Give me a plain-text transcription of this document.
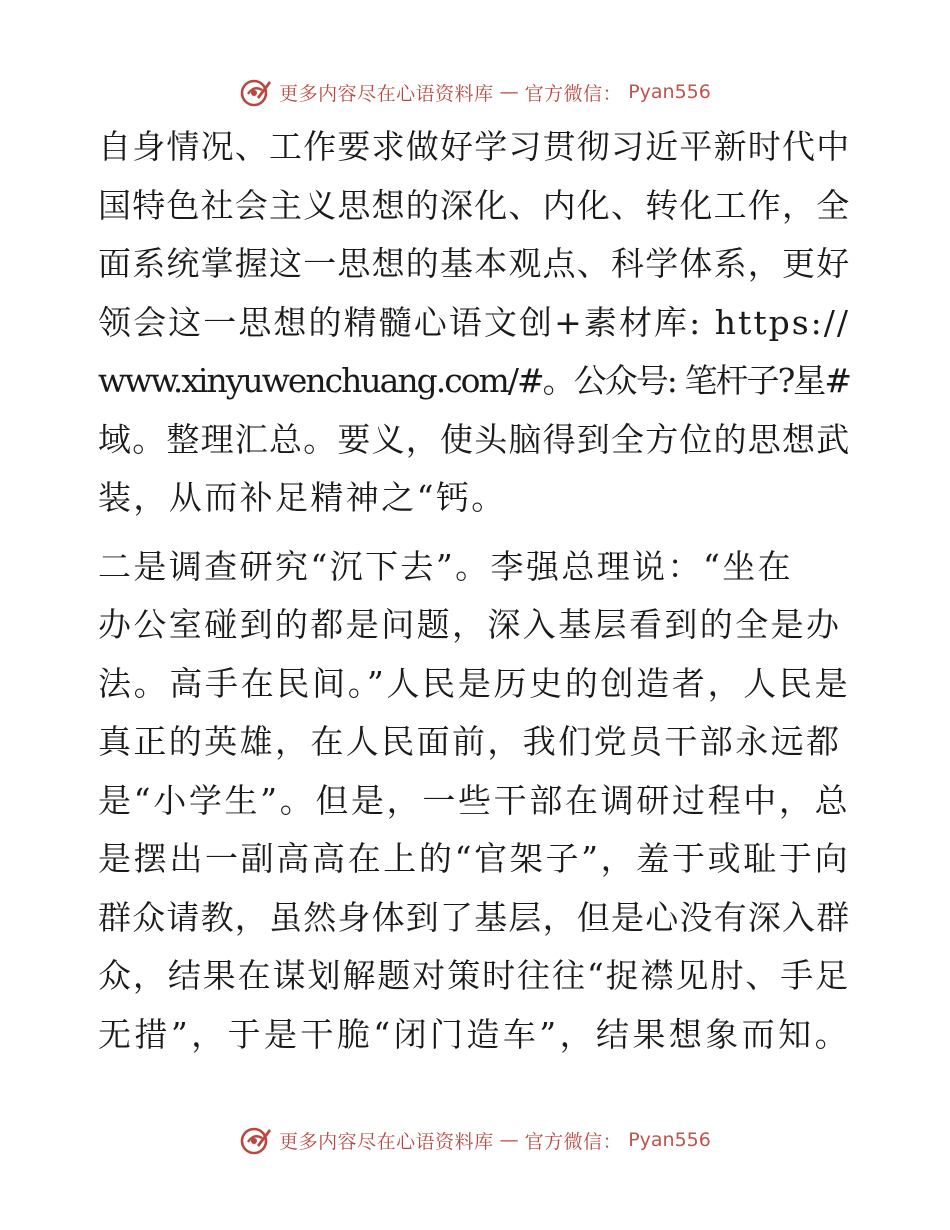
更多内容尽在心语资料库 — 官方微信： Pyan556
自身情况、工作要求做好学习贯彻习近平新时代中
国特色社会主义思想的深化、内化、转化工作，全
面系统掌握这一思想的基本观点、科学体系，更好
领会这一思想的精髓心语文创+素材库: https://
www.xinyuwenchuang.com/#。公众号: 笔杆子?星#
域。整理汇总。要义，使头脑得到全方位的思想武
装，从而补足精神之“钙。
二是调查研究“沉下去”。李强总理说：“坐在
办公室碰到的都是问题，深入基层看到的全是办
法。高手在民间。”人民是历史的创造者，人民是
真正的英雄，在人民面前，我们党员干部永远都
是“小学生”。但是，一些干部在调研过程中，总
是摆出一副高高在上的“官架子”，羞于或耻于向
群众请教，虽然身体到了基层，但是心没有深入群
众，结果在谋划解题对策时往往“捉襟见肘、手足
无措”，于是干脆“闭门造车”，结果想象而知。
更多内容尽在心语资料库 — 官方微信： Pyan556
